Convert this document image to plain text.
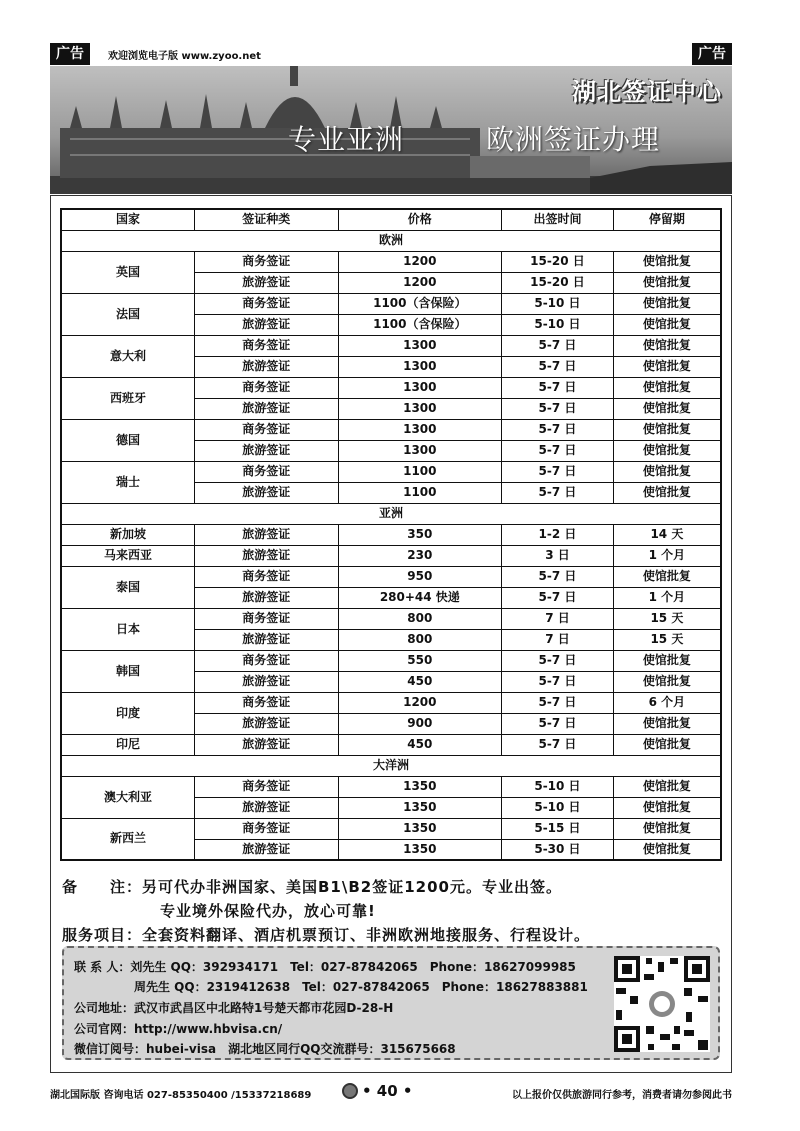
广告	欢迎浏览电子版 www.zyoo.net	广告
湖北签证中心
专业亚洲	欧洲签证办理
国家	签证种类	价格	出签时间	停留期
欧洲				
英国	商务签证	1200	15-20 日	使馆批复
	旅游签证	1200	15-20 日	使馆批复
法国	商务签证	1100（含保险）	5-10 日	使馆批复
	旅游签证	1100（含保险）	5-10 日	使馆批复
意大利	商务签证	1300	5-7 日	使馆批复
	旅游签证	1300	5-7 日	使馆批复
西班牙	商务签证	1300	5-7 日	使馆批复
	旅游签证	1300	5-7 日	使馆批复
德国	商务签证	1300	5-7 日	使馆批复
	旅游签证	1300	5-7 日	使馆批复
瑞士	商务签证	1100	5-7 日	使馆批复
	旅游签证	1100	5-7 日	使馆批复
亚洲				
新加坡	旅游签证	350	1-2 日	14 天
马来西亚	旅游签证	230	3 日	1 个月
泰国	商务签证	950	5-7 日	使馆批复
	旅游签证	280+44 快递	5-7 日	1 个月
日本	商务签证	800	7 日	15 天
	旅游签证	800	7 日	15 天
韩国	商务签证	550	5-7 日	使馆批复
	旅游签证	450	5-7 日	使馆批复
印度	商务签证	1200	5-7 日	6 个月
	旅游签证	900	5-7 日	使馆批复
印尼	旅游签证	450	5-7 日	使馆批复
大洋洲				
澳大利亚	商务签证	1350	5-10 日	使馆批复
	旅游签证	1350	5-10 日	使馆批复
新西兰	商务签证	1350	5-15 日	使馆批复
	旅游签证	1350	5-30 日	使馆批复
备　　注：另可代办非洲国家、美国B1\B2签证1200元。专业出签。
专业境外保险代办，放心可靠!
服务项目：全套资料翻译、酒店机票预订、非洲欧洲地接服务、行程设计。
联 系 人：刘先生 QQ：392934171　Tel：027-87842065　Phone：18627099985
　　　　　周先生 QQ：2319412638　Tel：027-87842065　Phone：18627883881
公司地址：武汉市武昌区中北路特1号楚天都市花园D-28-H
公司官网：http://www.hbvisa.cn/
微信订阅号：hubei-visa　湖北地区同行QQ交流群号：315675668
湖北国际版 咨询电话 027-85350400 /15337218689	• 40 •	以上报价仅供旅游同行参考，消费者请勿参阅此书
